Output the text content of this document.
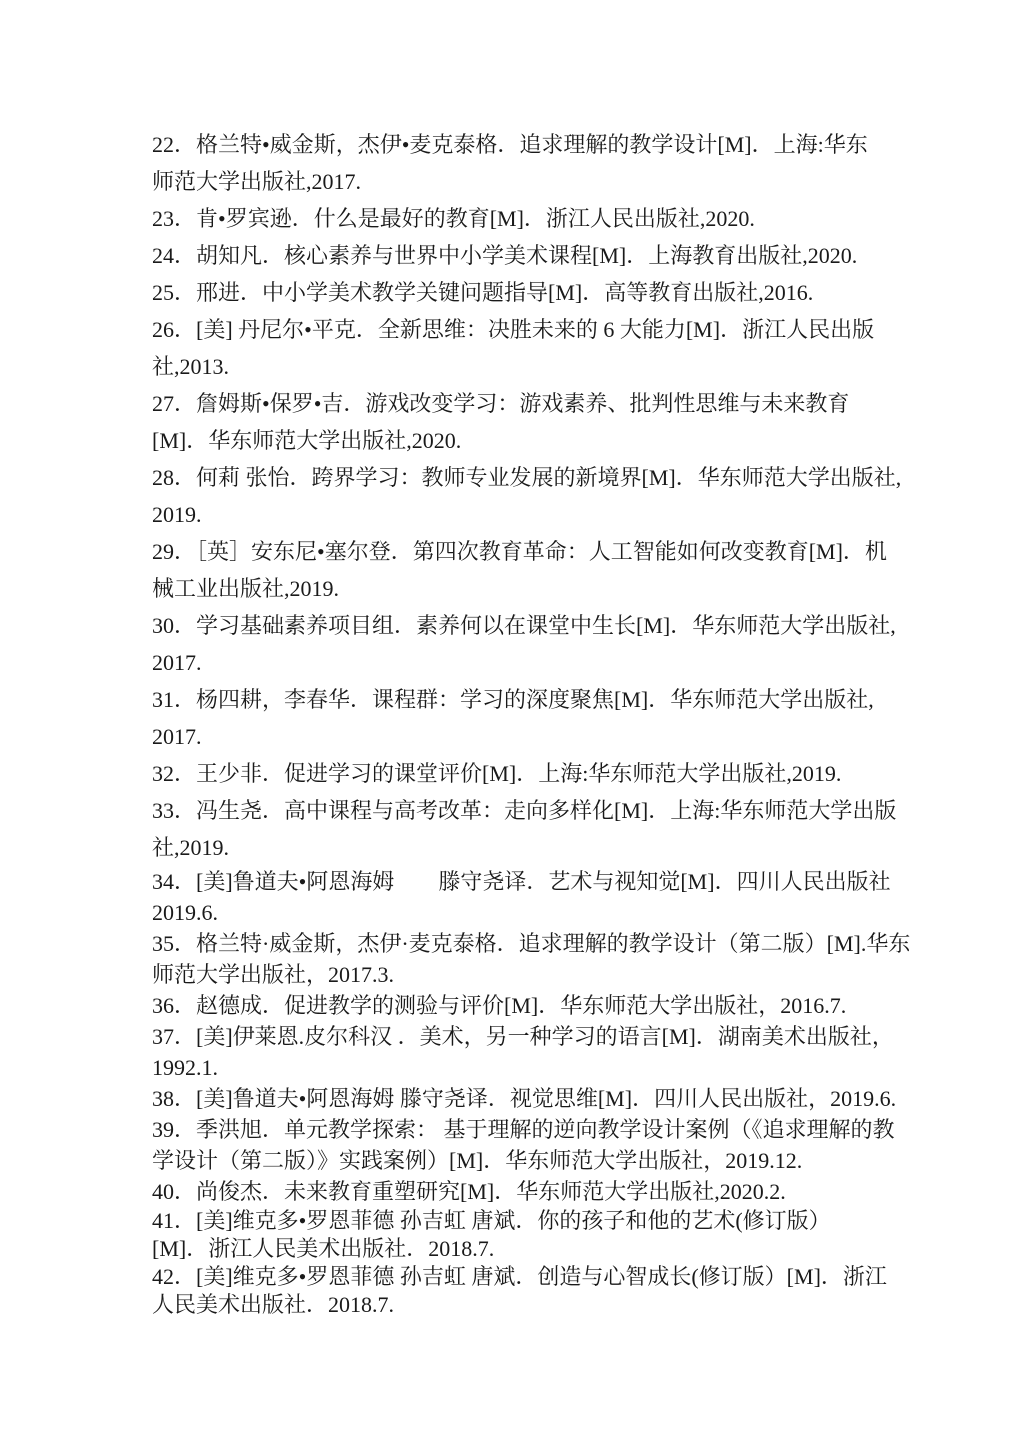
22．格兰特•威金斯，杰伊•麦克泰格．追求理解的教学设计[M]．上海:华东
师范大学出版社,2017.

23．肯•罗宾逊．什么是最好的教育[M]．浙江人民出版社,2020.

24．胡知凡．核心素养与世界中小学美术课程[M]．上海教育出版社,2020.

25．邢进．中小学美术教学关键问题指导[M]．高等教育出版社,2016.

26．[美] 丹尼尔•平克．全新思维：决胜未来的 6 大能力[M]．浙江人民出版
社,2013.

27．詹姆斯•保罗•吉．游戏改变学习：游戏素养、批判性思维与未来教育
[M]．华东师范大学出版社,2020.

28．何莉 张怡．跨界学习：教师专业发展的新境界[M]．华东师范大学出版社,
2019.

29．［英］安东尼•塞尔登．第四次教育革命：人工智能如何改变教育[M]．机
械工业出版社,2019.

30．学习基础素养项目组．素养何以在课堂中生长[M]．华东师范大学出版社,
2017.

31．杨四耕，李春华．课程群：学习的深度聚焦[M]．华东师范大学出版社,
2017.

32．王少非．促进学习的课堂评价[M]．上海:华东师范大学出版社,2019.

33．冯生尧．高中课程与高考改革：走向多样化[M]．上海:华东师范大学出版
社,2019.

34．[美]鲁道夫•阿恩海姆　　滕守尧译．艺术与视知觉[M]．四川人民出版社
2019.6.

35．格兰特·威金斯，杰伊·麦克泰格．追求理解的教学设计（第二版）[M].华东
师范大学出版社，2017.3.

36．赵德成．促进教学的测验与评价[M]．华东师范大学出版社，2016.7.

37．[美]伊莱恩.皮尔科汉 ．美术，另一种学习的语言[M]．湖南美术出版社，
1992.1.

38．[美]鲁道夫•阿恩海姆 滕守尧译．视觉思维[M]．四川人民出版社，2019.6.

39．季洪旭．单元教学探索： 基于理解的逆向教学设计案例（《追求理解的教
学设计（第二版）》实践案例）[M]．华东师范大学出版社，2019.12.

40．尚俊杰．未来教育重塑研究[M]．华东师范大学出版社,2020.2.

41．[美]维克多•罗恩菲德 孙吉虹 唐斌．你的孩子和他的艺术(修订版）
[M]．浙江人民美术出版社．2018.7.

42．[美]维克多•罗恩菲德 孙吉虹 唐斌．创造与心智成长(修订版）[M]．浙江
人民美术出版社．2018.7.
